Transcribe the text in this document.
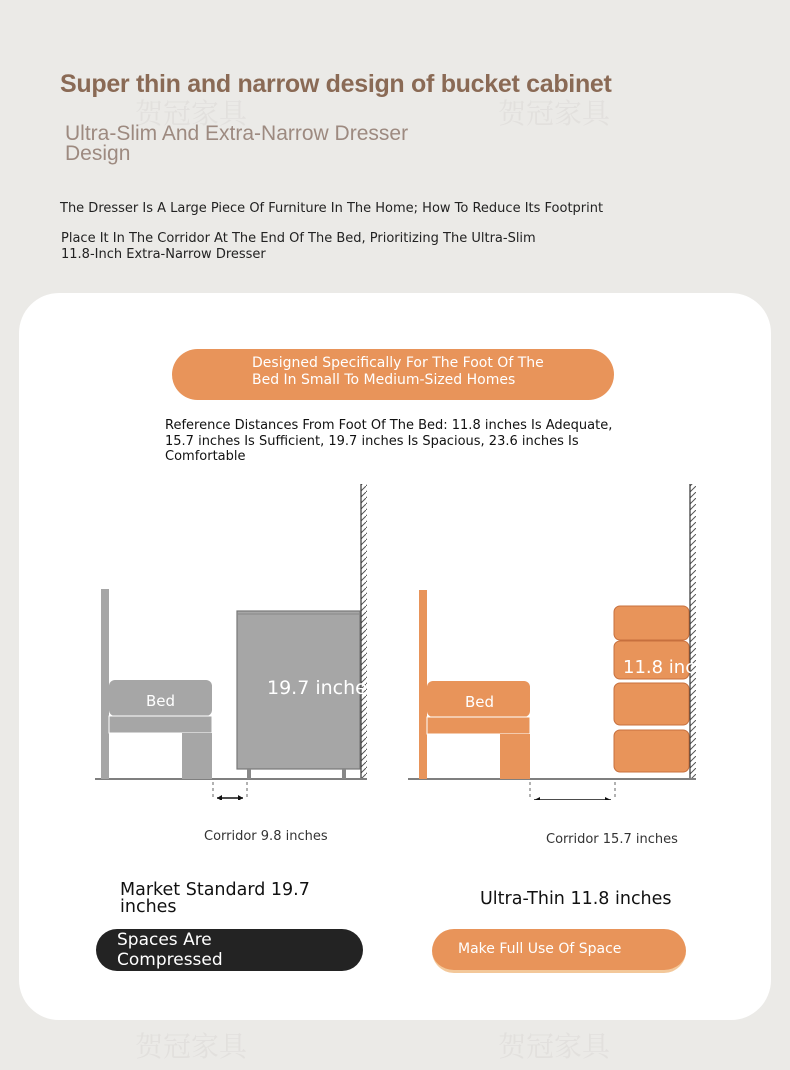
Super thin and narrow design of bucket cabinet
Ultra-Slim And Extra-Narrow Dresser Design
The Dresser Is A Large Piece Of Furniture In The Home; How To Reduce Its Footprint
Place It In The Corridor At The End Of The Bed, Prioritizing The Ultra-Slim 11.8-Inch Extra-Narrow Dresser
贺冠家具	贺冠家具
Designed Specifically For The Foot Of The
Bed In Small To Medium-Sized Homes
Reference Distances From Foot Of The Bed: 11.8 inches Is Adequate, 15.7 inches Is Sufficient, 19.7 inches Is Spacious, 23.6 inches Is Comfortable
Bed
19.7 inches
Bed
11.8 inches
Corridor 9.8 inches	Corridor 15.7 inches
Market Standard 19.7 inches	Ultra-Thin 11.8 inches
Spaces Are Compressed
Make Full Use Of Space
贺冠家具	贺冠家具
